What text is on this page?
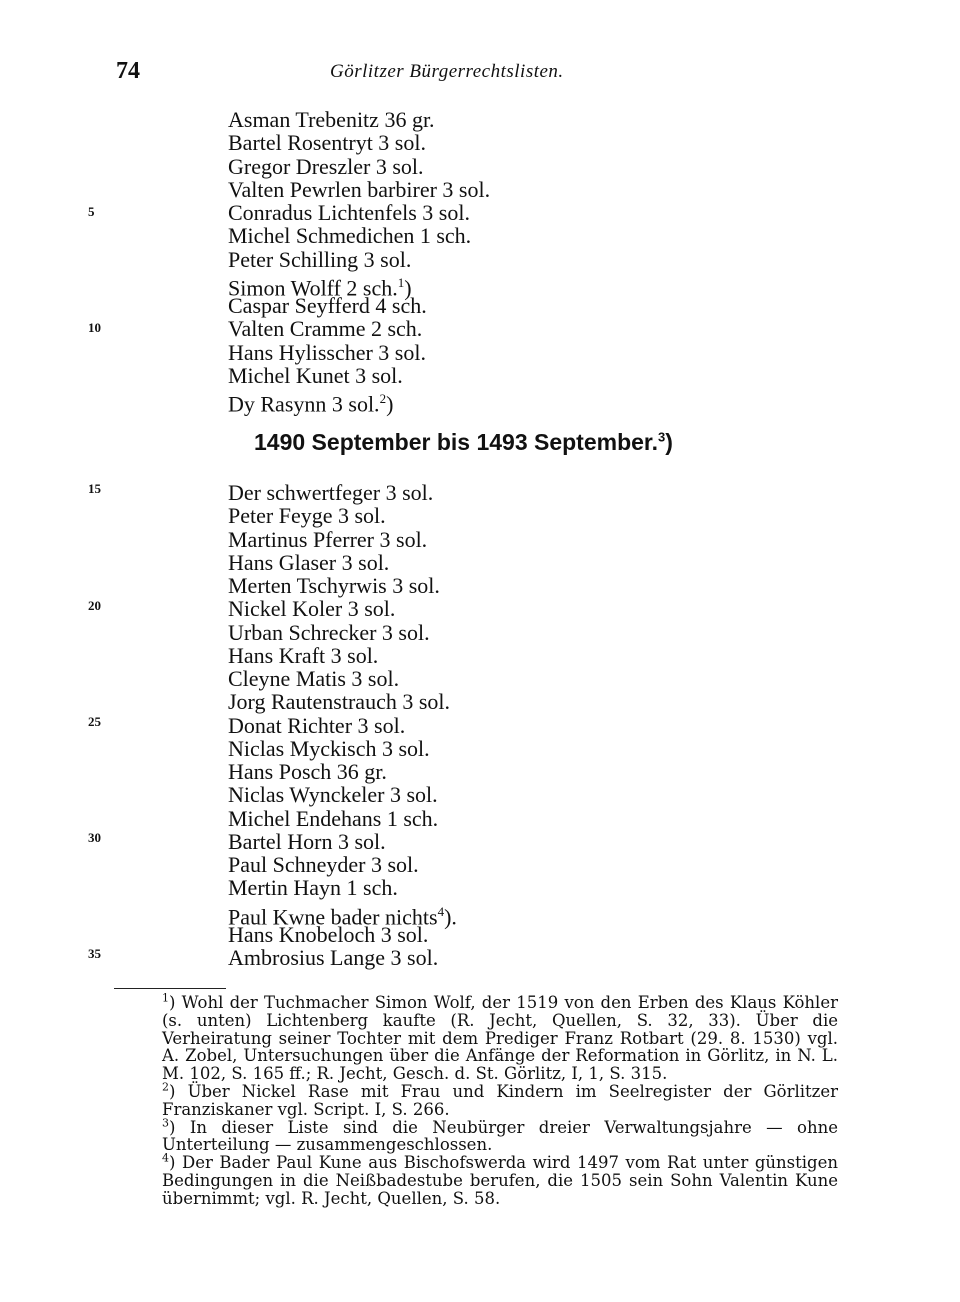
74	Görlitzer Bürgerrechtslisten.
5
10
15
20
25
30
35
Asman Trebenitz 36 gr.
Bartel Rosentryt 3 sol.
Gregor Dreszler 3 sol.
Valten Pewrlen barbirer 3 sol.
Conradus Lichtenfels 3 sol.
Michel Schmedichen 1 sch.
Peter Schilling 3 sol.
Simon Wolff 2 sch.$^1$)
Caspar Seyfferd 4 sch.
Valten Cramme 2 sch.
Hans Hylisscher 3 sol.
Michel Kunet 3 sol.
Dy Rasynn 3 sol.$^2$)
1490 September bis 1493 September.$^3$)
Der schwertfeger 3 sol.
Peter Feyge 3 sol.
Martinus Pferrer 3 sol.
Hans Glaser 3 sol.
Merten Tschyrwis 3 sol.
Nickel Koler 3 sol.
Urban Schrecker 3 sol.
Hans Kraft 3 sol.
Cleyne Matis 3 sol.
Jorg Rautenstrauch 3 sol.
Donat Richter 3 sol.
Niclas Myckisch 3 sol.
Hans Posch 36 gr.
Niclas Wynckeler 3 sol.
Michel Endehans 1 sch.
Bartel Horn 3 sol.
Paul Schneyder 3 sol.
Mertin Hayn 1 sch.
Paul Kwne bader nichts$^4$).
Hans Knobeloch 3 sol.
Ambrosius Lange 3 sol.

$^1$) Wohl der Tuchmacher Simon Wolf, der 1519 von den Erben des Klaus Köhler (s. unten) Lichtenberg kaufte (R. Jecht, Quellen, S. 32, 33). Über die Verheiratung seiner Tochter mit dem Prediger Franz Rotbart (29. 8. 1530) vgl. A. Zobel, Untersuchungen über die Anfänge der Reformation in Görlitz, in N. L. M. 102, S. 165 ff.; R. Jecht, Gesch. d. St. Görlitz, I, 1, S. 315.

$^2$) Über Nickel Rase mit Frau und Kindern im Seelregister der Görlitzer Franziskaner vgl. Script. I, S. 266.

$^3$) In dieser Liste sind die Neubürger dreier Verwaltungsjahre — ohne Unterteilung — zusammengeschlossen.

$^4$) Der Bader Paul Kune aus Bischofswerda wird 1497 vom Rat unter günstigen Bedingungen in die Neißbadestube berufen, die 1505 sein Sohn Valentin Kune übernimmt; vgl. R. Jecht, Quellen, S. 58.
